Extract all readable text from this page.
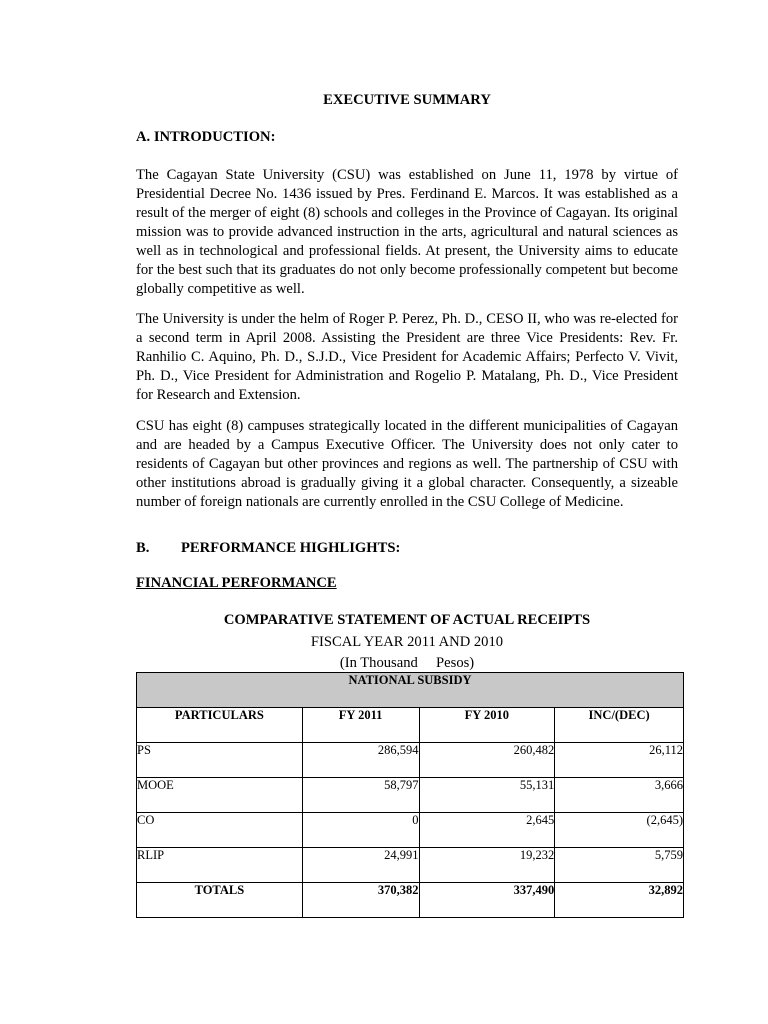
EXECUTIVE SUMMARY
A. INTRODUCTION:

The Cagayan State University (CSU) was established on June 11, 1978 by virtue of Presidential Decree No. 1436 issued by Pres. Ferdinand E. Marcos. It was established as a result of the merger of eight (8) schools and colleges in the Province of Cagayan. Its original mission was to provide advanced instruction in the arts, agricultural and natural sciences as well as in technological and professional fields. At present, the University aims to educate for the best such that its graduates do not only become professionally competent but become globally competitive as well.

The University is under the helm of Roger P. Perez, Ph. D., CESO II, who was re-elected for a second term in April 2008. Assisting the President are three Vice Presidents: Rev. Fr. Ranhilio C. Aquino, Ph. D., S.J.D., Vice President for Academic Affairs; Perfecto V. Vivit, Ph. D., Vice President for Administration and Rogelio P. Matalang, Ph. D., Vice President for Research and Extension.

CSU has eight (8) campuses strategically located in the different municipalities of Cagayan and are headed by a Campus Executive Officer. The University does not only cater to residents of Cagayan but other provinces and regions as well. The partnership of CSU with other institutions abroad is gradually giving it a global character. Consequently, a sizeable number of foreign nationals are currently enrolled in the CSU College of Medicine.

B. PERFORMANCE HIGHLIGHTS:
FINANCIAL PERFORMANCE
COMPARATIVE STATEMENT OF ACTUAL RECEIPTS
FISCAL YEAR 2011 AND 2010
(In Thousand     Pesos)
NATIONAL SUBSIDY			
PARTICULARS	FY 2011	FY 2010	INC/(DEC)
PS	286,594	260,482	26,112
MOOE	58,797	55,131	3,666
CO	0	2,645	(2,645)
RLIP	24,991	19,232	5,759
TOTALS	370,382	337,490	32,892
